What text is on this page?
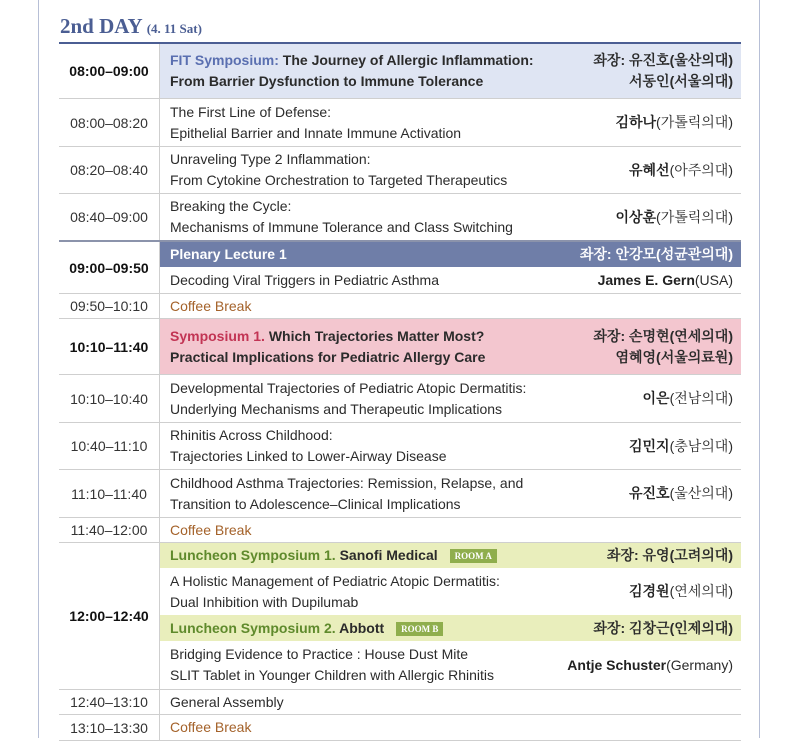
2nd DAY (4. 11 Sat)
08:00–09:00
FIT Symposium: The Journey of Allergic Inflammation:
From Barrier Dysfunction to Immune Tolerance
좌장: 유진호(울산의대)
서동인(서울의대)
08:00–08:20
The First Line of Defense:
Epithelial Barrier and Innate Immune Activation
김하나(가톨릭의대)
08:20–08:40
Unraveling Type 2 Inflammation:
From Cytokine Orchestration to Targeted Therapeutics
유혜선(아주의대)
08:40–09:00
Breaking the Cycle:
Mechanisms of Immune Tolerance and Class Switching
이상훈(가톨릭의대)
09:00–09:50
Plenary Lecture 1	좌장: 안강모(성균관의대)
Decoding Viral Triggers in Pediatric Asthma	James E. Gern(USA)
09:50–10:10	Coffee Break
10:10–11:40
Symposium 1. Which Trajectories Matter Most?
Practical Implications for Pediatric Allergy Care
좌장: 손명현(연세의대)
염혜영(서울의료원)
10:10–10:40
Developmental Trajectories of Pediatric Atopic Dermatitis:
Underlying Mechanisms and Therapeutic Implications
이은(전남의대)
10:40–11:10
Rhinitis Across Childhood:
Trajectories Linked to Lower-Airway Disease
김민지(충남의대)
11:10–11:40
Childhood Asthma Trajectories: Remission, Relapse, and
Transition to Adolescence–Clinical Implications
유진호(울산의대)
11:40–12:00	Coffee Break
12:00–12:40
Luncheon Symposium 1. Sanofi Medical ROOM A	좌장: 유영(고려의대)
A Holistic Management of Pediatric Atopic Dermatitis:
Dual Inhibition with Dupilumab
김경원(연세의대)
Luncheon Symposium 2. Abbott ROOM B	좌장: 김창근(인제의대)
Bridging Evidence to Practice : House Dust Mite
SLIT Tablet in Younger Children with Allergic Rhinitis
Antje Schuster(Germany)
12:40–13:10	General Assembly
13:10–13:30	Coffee Break
